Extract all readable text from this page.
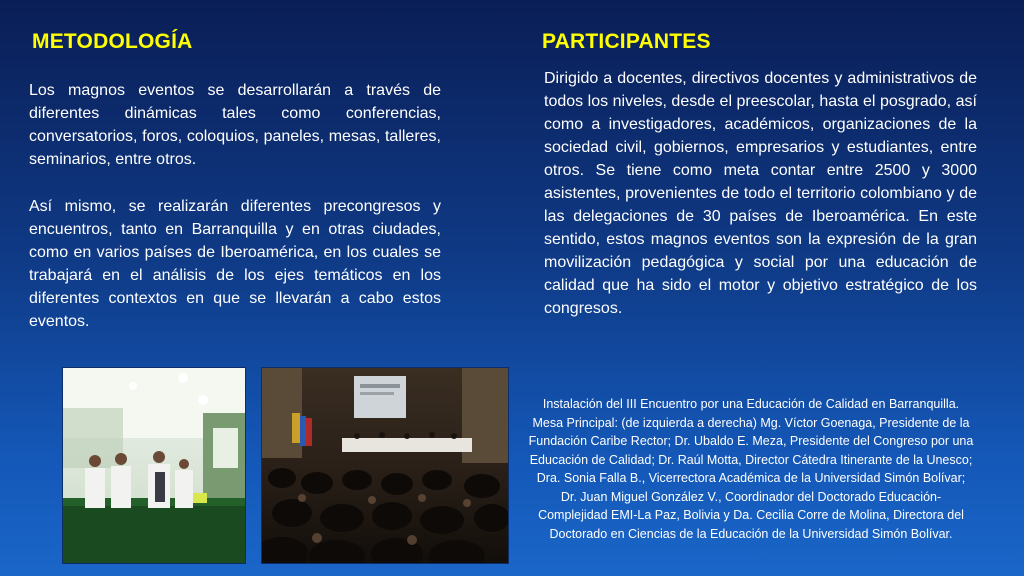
METODOLOGÍA
Los magnos eventos se desarrollarán a través de diferentes dinámicas tales como conferencias, conversatorios, foros, coloquios, paneles, mesas, talleres, seminarios, entre otros.
Así mismo, se realizarán diferentes precongresos y encuentros, tanto en Barranquilla y en otras ciudades, como en varios países de Iberoamérica, en los cuales se trabajará en el análisis de los ejes temáticos en los diferentes contextos en que se llevarán a cabo estos eventos.
PARTICIPANTES
Dirigido a docentes, directivos docentes y administrativos de todos los niveles, desde el preescolar, hasta el posgrado, así como a investigadores, académicos, organizaciones de la sociedad civil, gobiernos, empresarios y estudiantes, entre otros. Se tiene como meta contar entre 2500 y 3000 asistentes, provenientes de todo el territorio colombiano y de las delegaciones de 30 países de Iberoamérica. En este sentido, estos magnos eventos son la expresión de la gran movilización pedagógica y social por una educación de calidad que ha sido el motor y objetivo estratégico de los congresos.
Instalación del III Encuentro por una Educación de Calidad en Barranquilla. Mesa Principal: (de izquierda a derecha) Mg. Víctor Goenaga, Presidente de la Fundación Caribe Rector; Dr. Ubaldo E. Meza, Presidente del Congreso por una Educación de Calidad; Dr. Raúl Motta, Director Cátedra Itinerante de la Unesco; Dra. Sonia Falla B., Vicerrectora Académica de la Universidad Simón Bolívar; Dr. Juan Miguel González V., Coordinador del Doctorado Educación-Complejidad EMI-La Paz, Bolivia y Da. Cecilia Corre de Molina, Directora del Doctorado en Ciencias de la Educación de la Universidad Simón Bolívar.
